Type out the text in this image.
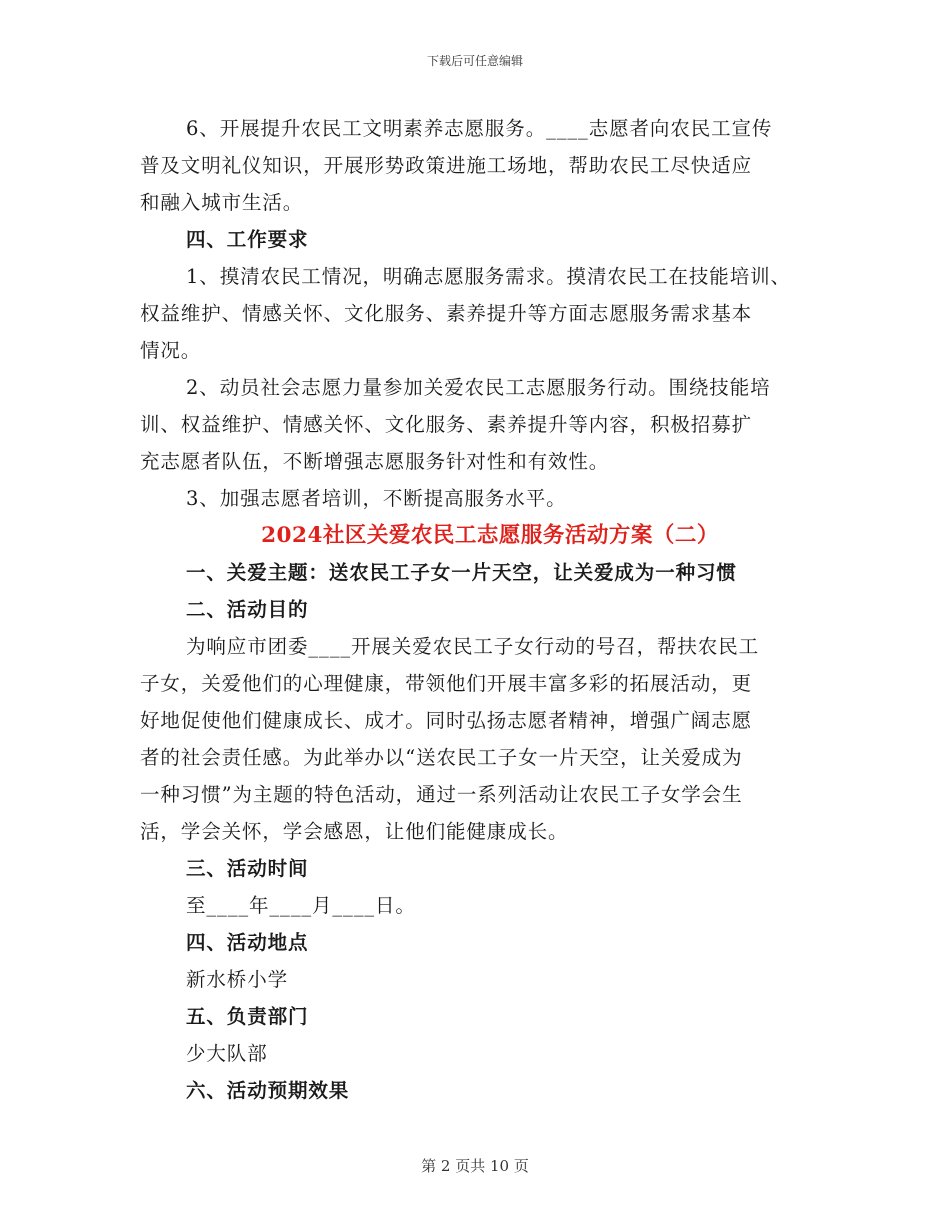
下载后可任意编辑
6、开展提升农民工文明素养志愿服务。____志愿者向农民工宣传
普及文明礼仪知识，开展形势政策进施工场地，帮助农民工尽快适应
和融入城市生活。
四、工作要求
1、摸清农民工情况，明确志愿服务需求。摸清农民工在技能培训、
权益维护、情感关怀、文化服务、素养提升等方面志愿服务需求基本
情况。
2、动员社会志愿力量参加关爱农民工志愿服务行动。围绕技能培
训、权益维护、情感关怀、文化服务、素养提升等内容，积极招募扩
充志愿者队伍，不断增强志愿服务针对性和有效性。
3、加强志愿者培训，不断提高服务水平。
2024社区关爱农民工志愿服务活动方案（二）
一、关爱主题：送农民工子女一片天空，让关爱成为一种习惯
二、活动目的
为响应市团委____开展关爱农民工子女行动的号召，帮扶农民工
子女，关爱他们的心理健康，带领他们开展丰富多彩的拓展活动，更
好地促使他们健康成长、成才。同时弘扬志愿者精神，增强广阔志愿
者的社会责任感。为此举办以“送农民工子女一片天空，让关爱成为
一种习惯”为主题的特色活动，通过一系列活动让农民工子女学会生
活，学会关怀，学会感恩，让他们能健康成长。
三、活动时间
至____年____月____日。
四、活动地点
新水桥小学
五、负责部门
少大队部
六、活动预期效果
第 2 页共 10 页
